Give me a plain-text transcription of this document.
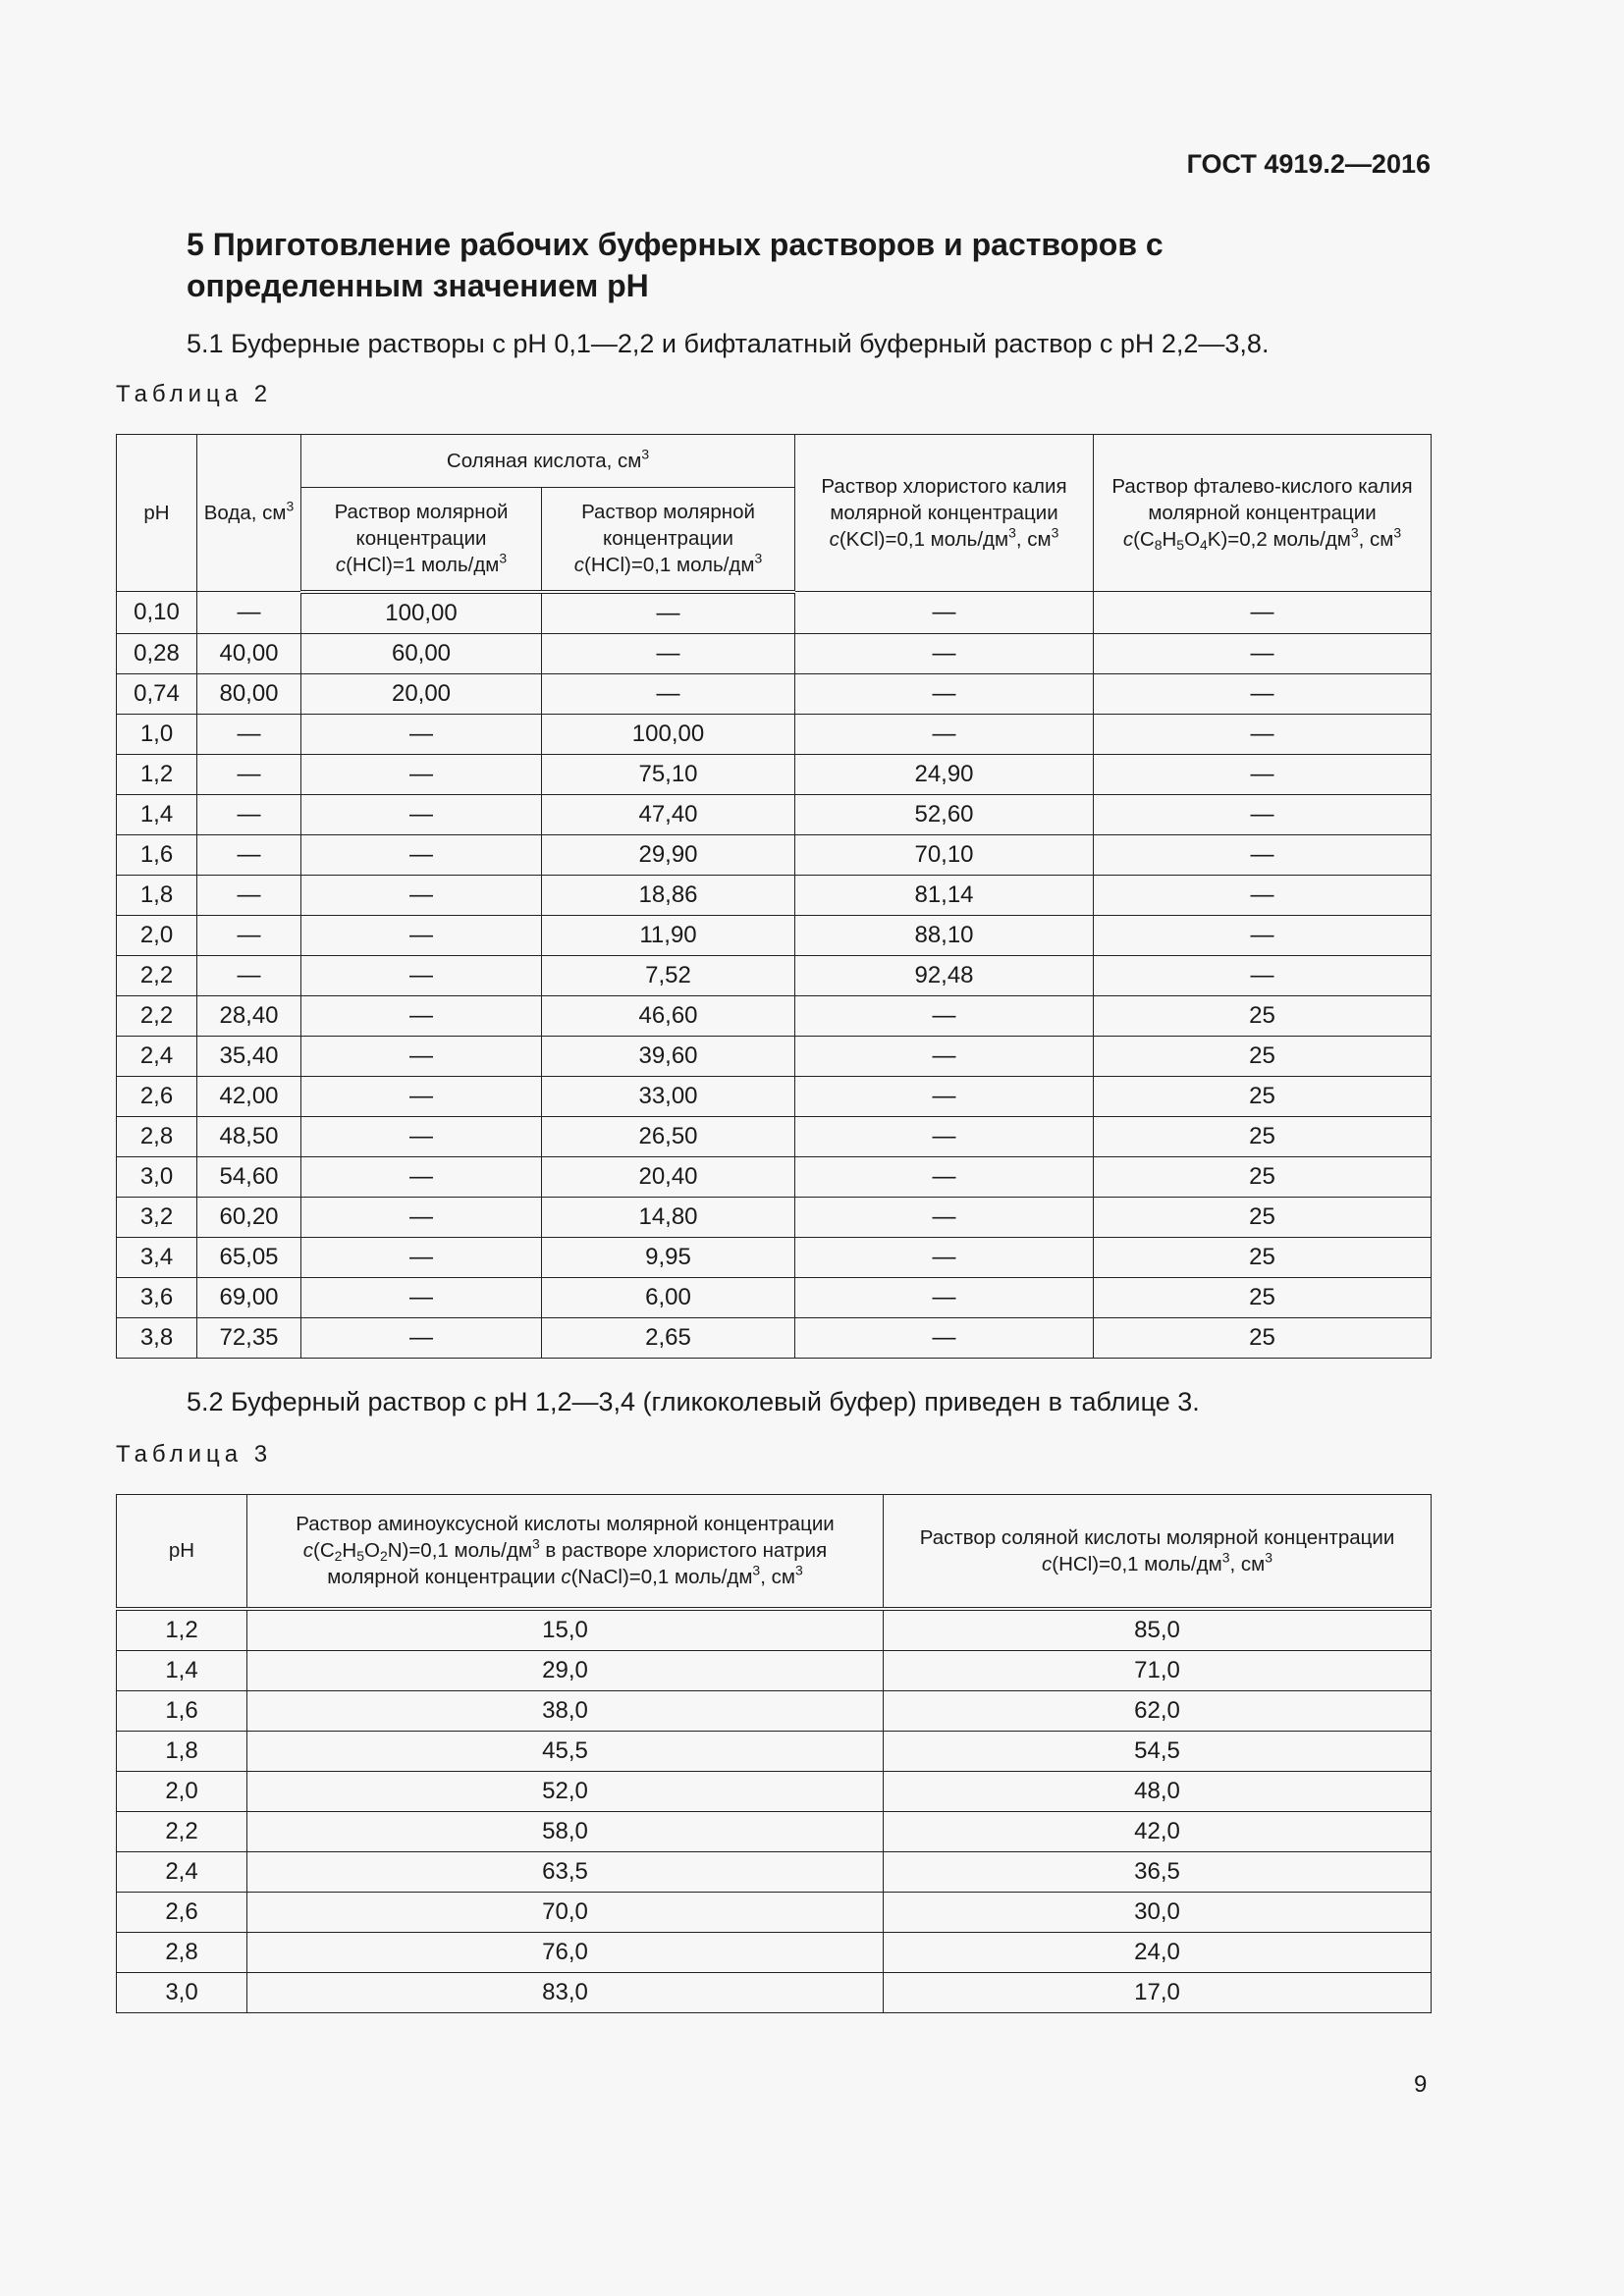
ГОСТ 4919.2—2016
5 Приготовление рабочих буферных растворов и растворов с определенным значением pH
5.1 Буферные растворы с pH 0,1—2,2 и бифталатный буферный раствор с pH 2,2—3,8.
Таблица 2
pH	Вода, $см^3$	Соляная кислота, $см^3$		Раствор хлористого калия молярной концентрации c(KCl)=0,1 моль/$дм^3$, $см^3$	Раствор фталево-кислого калия молярной концентрации $c(C_8H_5O_4K)=0,2$ моль/$дм^3$, $см^3$
		Раствор молярной концентрации c(HCl)=1 моль/$дм^3$	Раствор молярной концентрации c(HCl)=0,1 моль/$дм^3$
0,10	—	100,00	—	—	—
0,28	40,00	60,00	—	—	—
0,74	80,00	20,00	—	—	—
1,0	—	—	100,00	—	—
1,2	—	—	75,10	24,90	—
1,4	—	—	47,40	52,60	—
1,6	—	—	29,90	70,10	—
1,8	—	—	18,86	81,14	—
2,0	—	—	11,90	88,10	—
2,2	—	—	7,52	92,48	—
2,2	28,40	—	46,60	—	25
2,4	35,40	—	39,60	—	25
2,6	42,00	—	33,00	—	25
2,8	48,50	—	26,50	—	25
3,0	54,60	—	20,40	—	25
3,2	60,20	—	14,80	—	25
3,4	65,05	—	9,95	—	25
3,6	69,00	—	6,00	—	25
3,8	72,35	—	2,65	—	25
5.2 Буферный раствор с pH 1,2—3,4 (гликоколевый буфер) приведен в таблице 3.
Таблица 3
pH	Раствор аминоуксусной кислоты молярной концентрации $c(C_2H_5O_2N)=0,1$ моль/$дм^3$ в растворе хлористого натрия молярной концентрации c(NaCl)=0,1 моль/$дм^3$, $см^3$	Раствор соляной кислоты молярной концентрации c(HCl)=0,1 моль/$дм^3$, $см^3$
1,2	15,0	85,0
1,4	29,0	71,0
1,6	38,0	62,0
1,8	45,5	54,5
2,0	52,0	48,0
2,2	58,0	42,0
2,4	63,5	36,5
2,6	70,0	30,0
2,8	76,0	24,0
3,0	83,0	17,0
9
